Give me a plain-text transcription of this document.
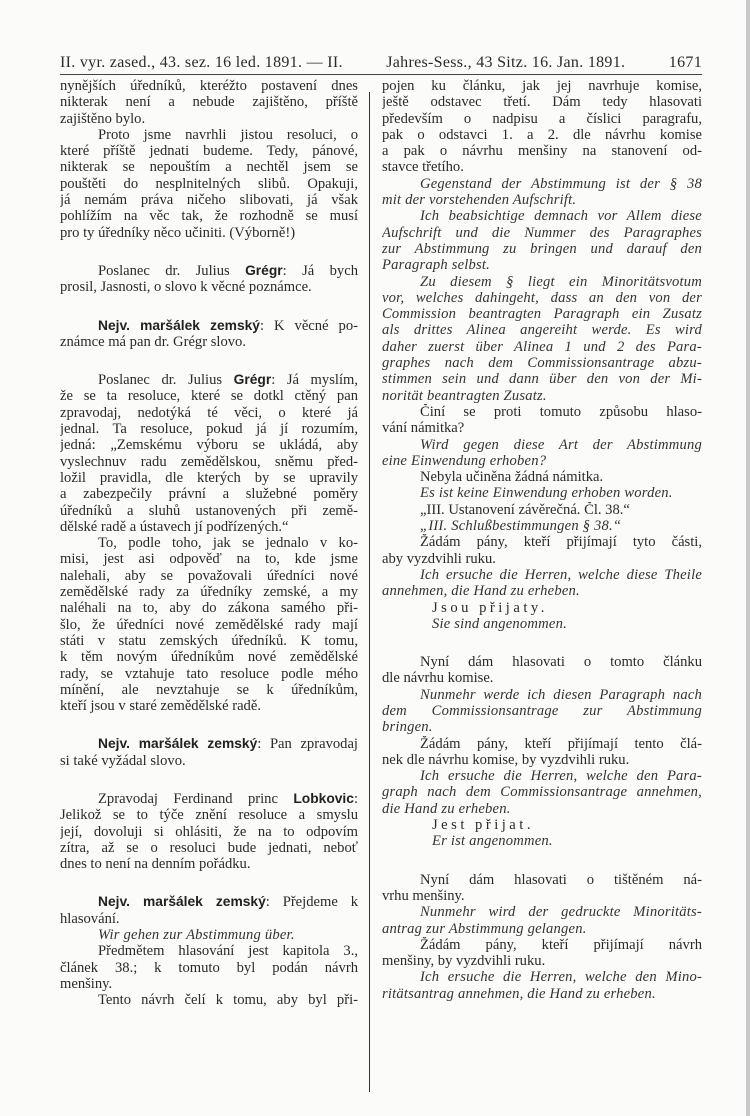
II. vyr. zased., 43. sez. 16 led. 1891. — II.	Jahres-Sess., 43 Sitz. 16. Jan. 1891.	1671
nynějších úředníků, kteréžto postavení dnes
nikterak není a nebude zajištěno, příště
zajištěno bylo.
Proto jsme navrhli jistou resoluci, o
které příště jednati budeme. Tedy, pánové,
nikterak se nepouštím a nechtěl jsem se
pouštěti do nesplnitelných slibů. Opakuji,
já nemám práva ničeho slibovati, já však
pohlížím na věc tak, že rozhodně se musí
pro ty úředníky něco učiniti. (Výborně!)
Poslanec dr. Julius Grégr: Já bych
prosil, Jasnosti, o slovo k věcné poznámce.
Nejv. maršálek zemský: K věcné po-
známce má pan dr. Grégr slovo.
Poslanec dr. Julius Grégr: Já myslím,
že se ta resoluce, které se dotkl ctěný pan
zpravodaj, nedotýká té věci, o které já
jednal. Ta resoluce, pokud já jí rozumím,
jedná: „Zemskému výboru se ukládá, aby
vyslechnuv radu zemědělskou, sněmu před-
ložil pravidla, dle kterých by se upravily
a zabezpečily právní a služebné poměry
úředníků a sluhů ustanovených při země-
dělské radě a ústavech jí podřízených.“
To, podle toho, jak se jednalo v ko-
misi, jest asi odpověď na to, kde jsme
nalehali, aby se považovali úředníci nové
zemědělské rady za úředníky zemské, a my
naléhali na to, aby do zákona samého při-
šlo, že úředníci nové zemědělské rady mají
státi v statu zemských úředníků. K tomu,
k těm novým úředníkům nové zemědělské
rady, se vztahuje tato resoluce podle mého
mínění, ale nevztahuje se k úředníkům,
kteří jsou v staré zemědělské radě.
Nejv. maršálek zemský: Pan zpravodaj
si také vyžádal slovo.
Zpravodaj Ferdinand princ Lobkovic:
Jelikož se to týče znění resoluce a smyslu
její, dovoluji si ohlásiti, že na to odpovím
zítra, až se o resoluci bude jednati, neboť
dnes to není na denním pořádku.
Nejv. maršálek zemský: Přejdeme k
hlasování.
Wir gehen zur Abstimmung über.
Předmětem hlasování jest kapitola 3.,
článek 38.; k tomuto byl podán návrh
menšiny.
Tento návrh čelí k tomu, aby byl při-
pojen ku článku, jak jej navrhuje komise,
ještě odstavec třetí. Dám tedy hlasovati
především o nadpisu a číslici paragrafu,
pak o odstavci 1. a 2. dle návrhu komise
a pak o návrhu menšiny na stanovení od-
stavce třetího.
Gegenstand der Abstimmung ist der § 38
mit der vorstehenden Aufschrift.
Ich beabsichtige demnach vor Allem diese
Aufschrift und die Nummer des Paragraphes
zur Abstimmung zu bringen und darauf den
Paragraph selbst.
Zu diesem § liegt ein Minoritätsvotum
vor, welches dahingeht, dass an den von der
Commission beantragten Paragraph ein Zusatz
als drittes Alinea angereiht werde. Es wird
daher zuerst über Alinea 1 und 2 des Para-
graphes nach dem Commissionsantrage abzu-
stimmen sein und dann über den von der Mi-
norität beantragten Zusatz.
Činí se proti tomuto způsobu hlaso-
vání námitka?
Wird gegen diese Art der Abstimmung
eine Einwendung erhoben?
Nebyla učiněna žádná námitka.
Es ist keine Einwendung erhoben worden.
„III. Ustanovení závěrečná. Čl. 38.“
„III. Schlußbestimmungen § 38.“
Žádám pány, kteří přijímají tyto části,
aby vyzdvihli ruku.
Ich ersuche die Herren, welche diese Theile
annehmen, die Hand zu erheben.
Jsou přijaty.
Sie sind angenommen.
Nyní dám hlasovati o tomto článku
dle návrhu komise.
Nunmehr werde ich diesen Paragraph nach
dem Commissionsantrage zur Abstimmung
bringen.
Žádám pány, kteří přijímají tento člá-
nek dle návrhu komise, by vyzdvihli ruku.
Ich ersuche die Herren, welche den Para-
graph nach dem Commissionsantrage annehmen,
die Hand zu erheben.
Jest přijat.
Er ist angenommen.
Nyní dám hlasovati o tištěném ná-
vrhu menšiny.
Nunmehr wird der gedruckte Minoritäts-
antrag zur Abstimmung gelangen.
Žádám pány, kteří přijímají návrh
menšiny, by vyzdvihli ruku.
Ich ersuche die Herren, welche den Mino-
ritätsantrag annehmen, die Hand zu erheben.
